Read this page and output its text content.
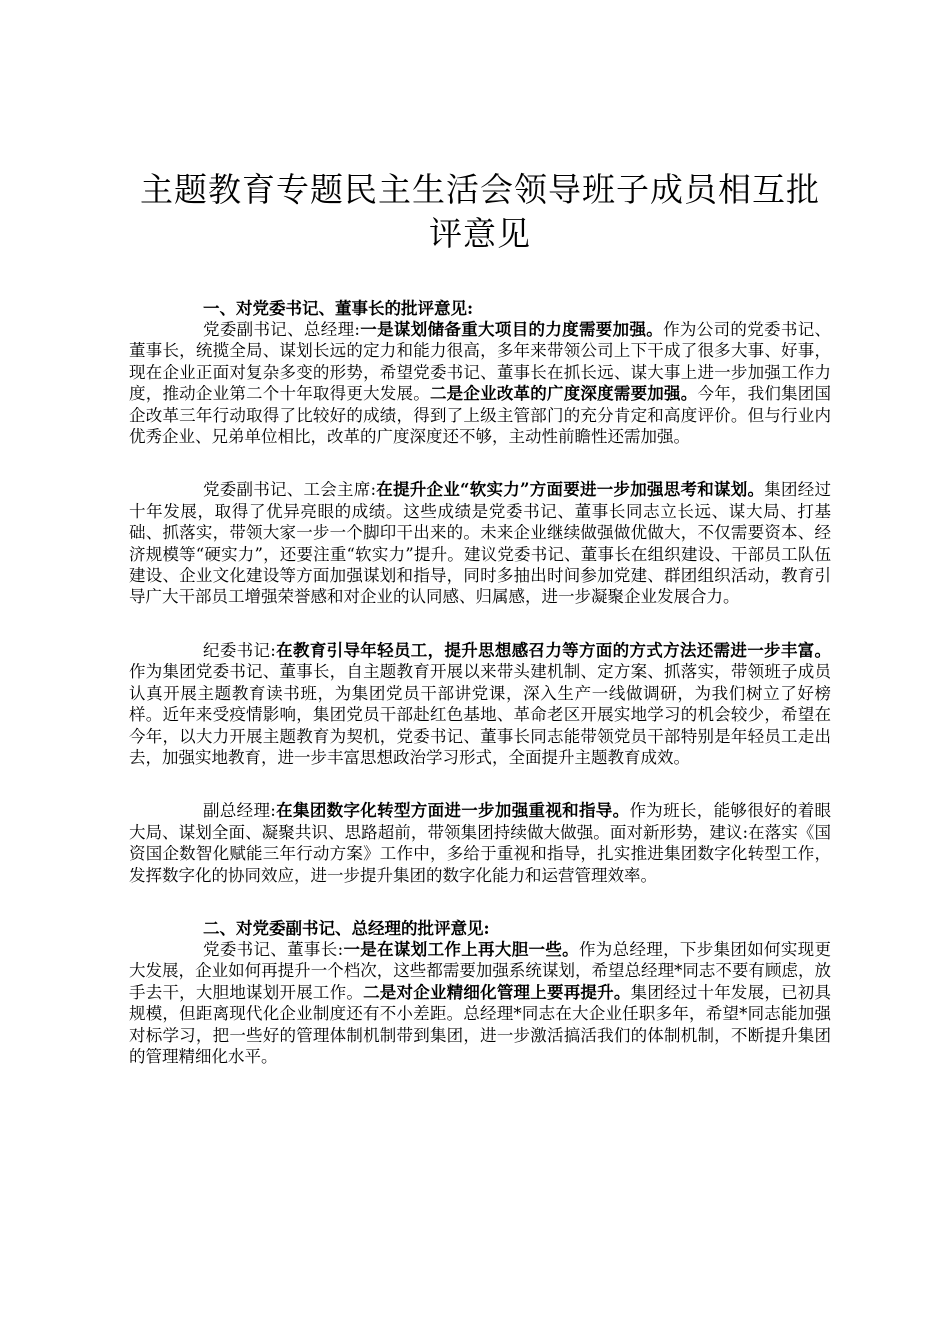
主题教育专题民主生活会领导班子成员相互批评意见
一、对党委书记、董事长的批评意见:

党委副书记、总经理:一是谋划储备重大项目的力度需要加强。作为公司的党委书记、董事长，统揽全局、谋划长远的定力和能力很高，多年来带领公司上下干成了很多大事、好事，现在企业正面对复杂多变的形势，希望党委书记、董事长在抓长远、谋大事上进一步加强工作力度，推动企业第二个十年取得更大发展。二是企业改革的广度深度需要加强。今年，我们集团国企改革三年行动取得了比较好的成绩，得到了上级主管部门的充分肯定和高度评价。但与行业内优秀企业、兄弟单位相比，改革的广度深度还不够，主动性前瞻性还需加强。

党委副书记、工会主席:在提升企业“软实力”方面要进一步加强思考和谋划。集团经过十年发展，取得了优异亮眼的成绩。这些成绩是党委书记、董事长同志立长远、谋大局、打基础、抓落实，带领大家一步一个脚印干出来的。未来企业继续做强做优做大，不仅需要资本、经济规模等“硬实力”，还要注重“软实力”提升。建议党委书记、董事长在组织建设、干部员工队伍建设、企业文化建设等方面加强谋划和指导，同时多抽出时间参加党建、群团组织活动，教育引导广大干部员工增强荣誉感和对企业的认同感、归属感，进一步凝聚企业发展合力。

纪委书记:在教育引导年轻员工，提升思想感召力等方面的方式方法还需进一步丰富。作为集团党委书记、董事长，自主题教育开展以来带头建机制、定方案、抓落实，带领班子成员认真开展主题教育读书班，为集团党员干部讲党课，深入生产一线做调研，为我们树立了好榜样。近年来受疫情影响，集团党员干部赴红色基地、革命老区开展实地学习的机会较少，希望在今年，以大力开展主题教育为契机，党委书记、董事长同志能带领党员干部特别是年轻员工走出去，加强实地教育，进一步丰富思想政治学习形式，全面提升主题教育成效。

副总经理:在集团数字化转型方面进一步加强重视和指导。作为班长，能够很好的着眼大局、谋划全面、凝聚共识、思路超前，带领集团持续做大做强。面对新形势，建议:在落实《国资国企数智化赋能三年行动方案》工作中，多给于重视和指导，扎实推进集团数字化转型工作，发挥数字化的协同效应，进一步提升集团的数字化能力和运营管理效率。

二、对党委副书记、总经理的批评意见:

党委书记、董事长:一是在谋划工作上再大胆一些。作为总经理，下步集团如何实现更大发展，企业如何再提升一个档次，这些都需要加强系统谋划，希望总经理*同志不要有顾虑，放手去干，大胆地谋划开展工作。二是对企业精细化管理上要再提升。集团经过十年发展，已初具规模，但距离现代化企业制度还有不小差距。总经理*同志在大企业任职多年，希望*同志能加强对标学习，把一些好的管理体制机制带到集团，进一步激活搞活我们的体制机制，不断提升集团的管理精细化水平。
